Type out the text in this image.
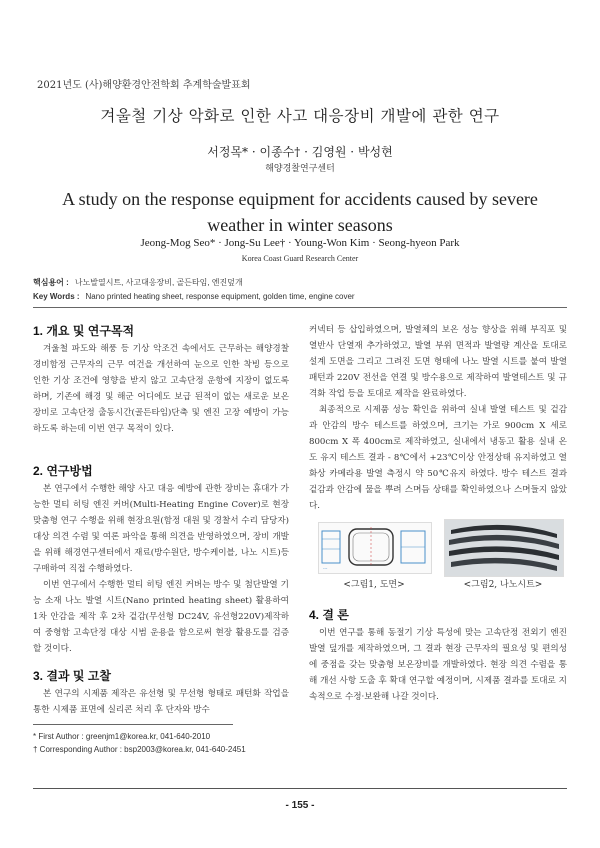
2021년도 (사)해양환경안전학회 추계학술발표회
겨울철 기상 악화로 인한 사고 대응장비 개발에 관한 연구
서정목* · 이종수† · 김영원 · 박성현
해양경찰연구센터
A study on the response equipment for accidents caused by severe weather in winter seasons
Jeong-Mog Seo* · Jong-Su Lee† · Young-Won Kim · Seong-hyeon Park
Korea Coast Guard Research Center
핵심용어 : 나노발열시트, 사고대응장비, 골든타임, 엔진덮개
Key Words : Nano printed heating sheet, response equipment, golden time, engine cover
1. 개요 및 연구목적

겨울철 파도와 해풍 등 기상 악조건 속에서도 근무하는 해양경찰 경비함정 근무자의 근무 여건을 개선하여 눈으로 인한 착빙 등으로 인한 기상 조건에 영향을 받지 않고 고속단정 운항에 지장이 없도록 하며, 기존에 해경 및 해군 어디에도 보급 된적이 없는 새로운 보온 장비로 고속단정 출동시간(골든타임)단축 및 엔진 고장 예방이 가능하도록 하는데 이번 연구 목적이 있다.

2. 연구방법

본 연구에서 수행한 해양 사고 대응 예방에 관한 장비는 휴대가 가능한 멀티 히팅 엔진 커버(Multi-Heating Engine Cover)로 현장 맞춤형 연구 수행을 위해 현장요원(함정 대원 및 경찰서 수리 담당자)대상 의견 수렴 및 여론 파악을 통해 의견을 반영하였으며, 장비 개발을 위해 해경연구센터에서 재료(방수원단, 방수케이블, 나노 시트)등 구매하여 직접 수행하였다.

이번 연구에서 수행한 멀티 히팅 엔진 커버는 방수 및 첨단발열 기능 소재 나노 발열 시트(Nano printed heating sheet) 활용하여 1차 안감을 제작 후 2차 겉감(무선형 DC24V, 유선형220V)제작하여 중형함 고속단정 대상 시범 운용을 함으로써 현장 활용도를 검증할 것이다.

3. 결과 및 고찰

본 연구의 시제품 제작은 유선형 및 무선형 형태로 패턴화 작업을 통한 시제품 표면에 실리콘 처리 후 단자와 방수

커넥터 등 삽입하였으며, 발열체의 보온 성능 향상을 위해 부직포 및 열반사 단열재 추가하였고, 발열 부위 면적과 발열량 계산을 토대로 설계 도면을 그리고 그려진 도면 형태에 나노 발열 시트를 붙여 발열 패턴과 220V 전선을 연결 및 방수용으로 제작하여 발열테스트 및 규격화 작업 등을 토대로 제작을 완료하였다.

최종적으로 시제품 성능 확인을 위하여 실내 발열 테스트 및 겉감과 안감의 방수 테스트를 하였으며, 크기는 가로 900cm X 세로 800cm X 폭 400cm로 제작하였고, 실내에서 냉동고 활용 실내 온도 유지 테스트 결과 - 8℃에서 +23℃이상 안정상태 유지하였고 열화상 카메라용 발열 측정시 약 50℃유지 하였다. 방수 테스트 결과 겉감과 안감에 물을 뿌려 스며듬 상태를 확인하였으나 스며들지 않았다.

---
<그림1, 도면>	<그림2, 나노시트>
4. 결 론

이번 연구를 통해 동절기 기상 특성에 맞는 고속단정 전외기 엔진 발열 덮개를 제작하였으며, 그 결과 현장 근무자의 필요성 및 편의성에 중점을 갖는 맞춤형 보온장비를 개발하였다. 현장 의견 수렴을 통해 개선 사항 도출 후 확대 연구할 예정이며, 시제품 결과를 토대로 지속적으로 수정·보완해 나갈 것이다.

* First Author : greenjm1@korea.kr, 041-640-2010
† Corresponding Author : bsp2003@korea.kr, 041-640-2451
- 155 -
